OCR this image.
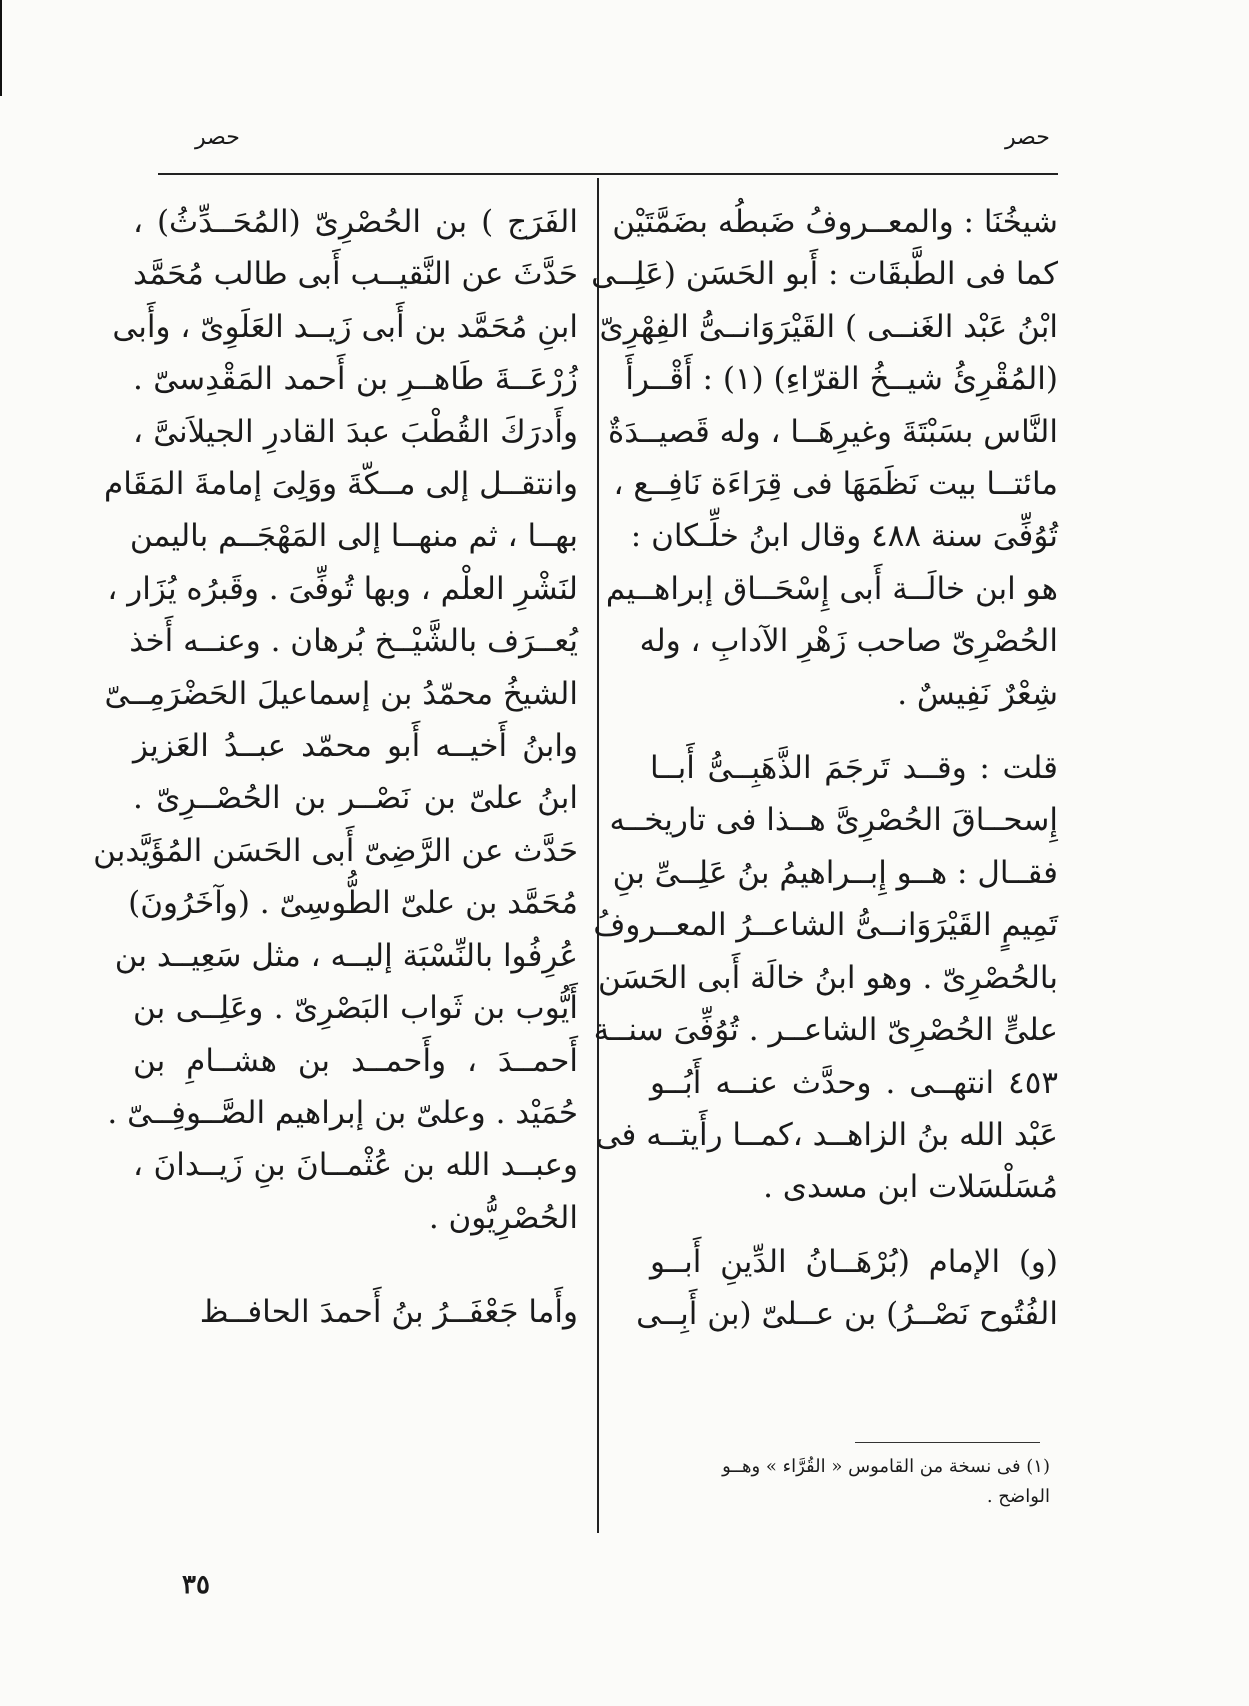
حصر
حصر
شيخُنَا : والمعــروفُ ضَبطُه بضَمَّتَيْن
كما فى الطَّبقَات : أَبو الحَسَن (عَلِــى
ابْنُ عَبْد الغَنــى ) القَيْرَوَانــىُّ الفِهْرِىّ
(المُقْرِئُ شيــخُ القرّاءِ) (١) : أَقْــرأَ
النَّاس بسَبْتَةَ وغيرِهَــا ، وله قَصيــدَةٌ
مائتــا بيت نَظَمَهَا فى قِرَاءَة نَافِــع ،
تُوُفِّىَ سنة ٤٨٨ وقال ابنُ خلِّـكان :
هو ابن خالَــة أَبى إِسْحَــاق إبراهــيم
الحُصْرِىّ صاحب زَهْرِ الآدابِ ، وله
شِعْرٌ نَفِيسٌ .
قلت : وقــد تَرجَمَ الذَّهَبِــىُّ أَبــا
إِسحــاقَ الحُصْرِىَّ هــذا فى تاريخــه
فقــال : هــو إِبــراهيمُ بنُ عَلِــىِّ بنِ
تَمِيمٍ القَيْرَوَانــىُّ الشاعــرُ المعــروفُ
بالحُصْرِىّ . وهو ابنُ خالَة أَبى الحَسَن
علىٍّ الحُصْرِىّ الشاعــر . تُوُفِّىَ سنــة
٤٥٣ انتهــى . وحدَّث عنــه أَبُــو
عَبْد الله بنُ الزاهــد ،كمــا رأَيتــه فى
مُسَلْسَلات ابن مسدى .
(و) الإمام (بُرْهَــانُ الدِّينِ أَبــو
الفُتُوح نَصْــرُ) بن عــلىّ (بن أَبِــى
الفَرَج ) بن الحُصْرِىّ (المُحَــدِّثُ) ،
حَدَّثَ عن النَّقيــب أَبى طالب مُحَمَّد
ابنِ مُحَمَّد بن أَبى زَيــد العَلَوِىّ ، وأَبى
زُرْعَــةَ طَاهــرِ بن أَحمد المَقْدِسىّ .
وأَدرَكَ القُطْبَ عبدَ القادرِ الجيلاَنىَّ ،
وانتقــل إلى مــكّةَ ووَلِىَ إمامةَ المَقَام
بهــا ، ثم منهــا إلى المَهْجَــم باليمن
لنَشْرِ العلْم ، وبها تُوفِّىَ . وقَبرُه يُزَار ،
يُعــرَف بالشَّيْــخ بُرهان . وعنــه أَخذ
الشيخُ محمّدُ بن إسماعيلَ الحَضْرَمِــىّ
وابنُ أَخيــه أَبو محمّد عبــدُ العَزيز
ابنُ علىّ بن نَصْــر بن الحُصْــرِىّ .
حَدَّث عن الرَّضِىّ أَبى الحَسَن المُؤَيَّدبن
مُحَمَّد بن علىّ الطُّوسِىّ . (وآخَرُونَ)
عُرِفُوا بالنِّسْبَة إليــه ، مثل سَعِيــد بن
أَيُّوب بن ثَواب البَصْرِىّ . وعَلِــى بن
أَحمــدَ ، وأَحمــد بن هشــامِ بن
حُمَيْد . وعلىّ بن إبراهيم الصَّــوفِــىّ .
وعبــد الله بن عُثْمــانَ بنِ زَيــدانَ ،
الحُصْرِيُّون .
وأَما جَعْفَــرُ بنُ أَحمدَ الحافــظ
(١) فى نسخة من القاموس « القُرَّاء » وهــو
الواضح .
٣٥
